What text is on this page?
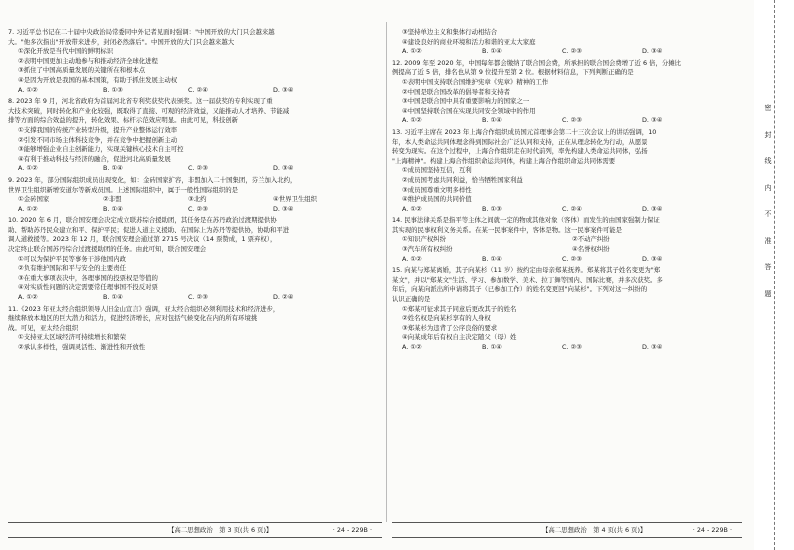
7. 习近平总书记在二十届中央政治局常委同中外记者见面时强调："中国开放的大门只会越来越
大。"他多次指出"开放带来进步，封闭必然落后"。中国开放的大门只会越来越大
①深化开放是当代中国的鲜明标识
②表明中国更加主动地参与和推动经济全球化进程
③抓住了中国高质量发展的关键所在和根本点
④是因为开放是我国的基本国策，有助于抓住发展主动权
A. ①②	B. ①③	C. ②④	D. ③④
8. 2023 年 9 月，河北省政府为首届河北省专利奖获奖代表颁奖。这一届获奖的专利实现了重
大技术突破，同时转化和产业化较强，既取得了直接、可观的经济效益，又能推动人才培养、节能减
排等方面的综合效益的提升，转化效果、标杆示范效应明显。由此可见，科技创新
①支撑我国的传统产业转型升级，提升产业整体运行效率
②引发不同市场主体科技竞争，并在竞争中把握创新主动
③能够增强企业自主创新能力，实现关键核心技术自主可控
④有利于推动科技与经济的融合，促进河北高质量发展
A. ①②	B. ①④	C. ②③	D. ③④
9. 2023 年，部分国际组织成员出现变化，如：金砖国家扩容，非盟加入二十国集团，芬兰加入北约，
世界卫生组织新增安道尔等新成员国。上述国际组织中，属于一般性国际组织的是
①金砖国家	②非盟	③北约	④世界卫生组织
A. ①②	B. ①④	C. ②③	D. ③④
10. 2020 年 6 月，联合国安理会决定成立联苏综合援助团，其任务是在苏丹政治过渡期提供协
助、帮助苏丹民众建立和平、保护平民；促进人道主义援助、在国际上为苏丹等提供协，协助和平进
调人道救援等。2023 年 12 月，联合国安理会通过第 2715 号决议（14 票赞成，1 票弃权），
决定终止联合国苏丹综合过渡援助团的任务。由此可知，联合国安理会
①可以为保护平民等事务干涉他国内政
②负有维护国际和平与安全的主要责任
③在重大事项表决中，各理事国的投票权是等值的
④对实质性问题的决定需要常任理事国不投反对票
A. ①②	B. ①④	C. ②③	D. ②④
11.《2023 年亚太经合组织领导人旧金山宣言》强调，亚太经合组织必须利用技术和经济进步，
继续释放本地区的巨大潜力和活力，促进经济增长，应对包括气候变化在内的所有环境挑
战。可见，亚太经合组织
①支持亚太区域经济可持续增长和繁荣
②承认多样性，强调灵活性、渐进性和开放性
③坚持单边主义和集体行动相结合
④建设良好的商业环境和活力和谐的亚太大家庭
A. ①②	B. ①④	C. ②③	D. ③④
12. 2009 年至 2020 年，中国每年都会缴纳了联合国会费，所承担的联合国会费增了近 6 倍，分摊比
例提高了近 5 倍，排名也从第 9 位提升至第 2 位。根据材料信息，下列判断正确的是
①表明中国支持联合国维护宪章《宪章》精神的工作
②中国是联合国改革的倡导者和支持者
③中国是联合国中具有重要影响力的国家之一
④中国坚持联合国在实现共同安全领域中的作用
A. ①②	B. ①④	C. ②③	D. ③④
13. 习近平主席在 2023 年上海合作组织成员国元首理事会第二十三次会议上的讲话强调，10
年，本人类命运共同体理念得到国际社会广泛认同和支持，正在从理念转化为行动，从愿景
转变为现实。在这个过程中，上海合作组织走在时代前列，率先构建人类命运共同体，弘扬
"上海精神"。构建上海合作组织命运共同体，构建上海合作组织命运共同体需要
①成员国坚持互信，互利
②成员国考虑共同利益，恰当牺牲国家利益
③成员国尊重文明多样性
④维护成员国的共同价值
A. ①②	B. ①③	C. ②④	D. ③④
14. 民事法律关系是指平等主体之间就一定的物或其他对象（客体）而发生的由国家强制力保证
其实现的民事权利义务关系。在某一民事案件中，客体是物。这一民事案件可能是
①知识产权纠纷	②不动产纠纷
③汽车所有权纠纷	④名誉权纠纷
A. ①②	B. ①④	C. ②③	D. ③④
15. 向某与郑某离婚，其子向某杉（11 岁）按约定由母亲郑某抚养。郑某将其子姓名变更为"郑
某文"，并以"郑某文"生活、学习、参加数学、美术、拉丁舞等国内、国际比赛，并多次获奖。多
年后，向某向派出所申请将其子（已参加工作）的姓名变更回"向某杉"。下列对这一纠纷的
认识正确的是
①郑某可征求其子同意后更改其子的姓名
②姓名权是向某杉享有的人身权
③郑某杉为违背了公序良俗的要求
④向某成年后有权自主决定随父（母）姓
A. ①②	B. ①④	C. ②③	D. ③④
【高二思想政治　第 3 页(共 6 页)】	· 24 - 229B ·	【高二思想政治　第 4 页(共 6 页)】	· 24 - 229B ·
密
封
线
内
不
准
答
题
